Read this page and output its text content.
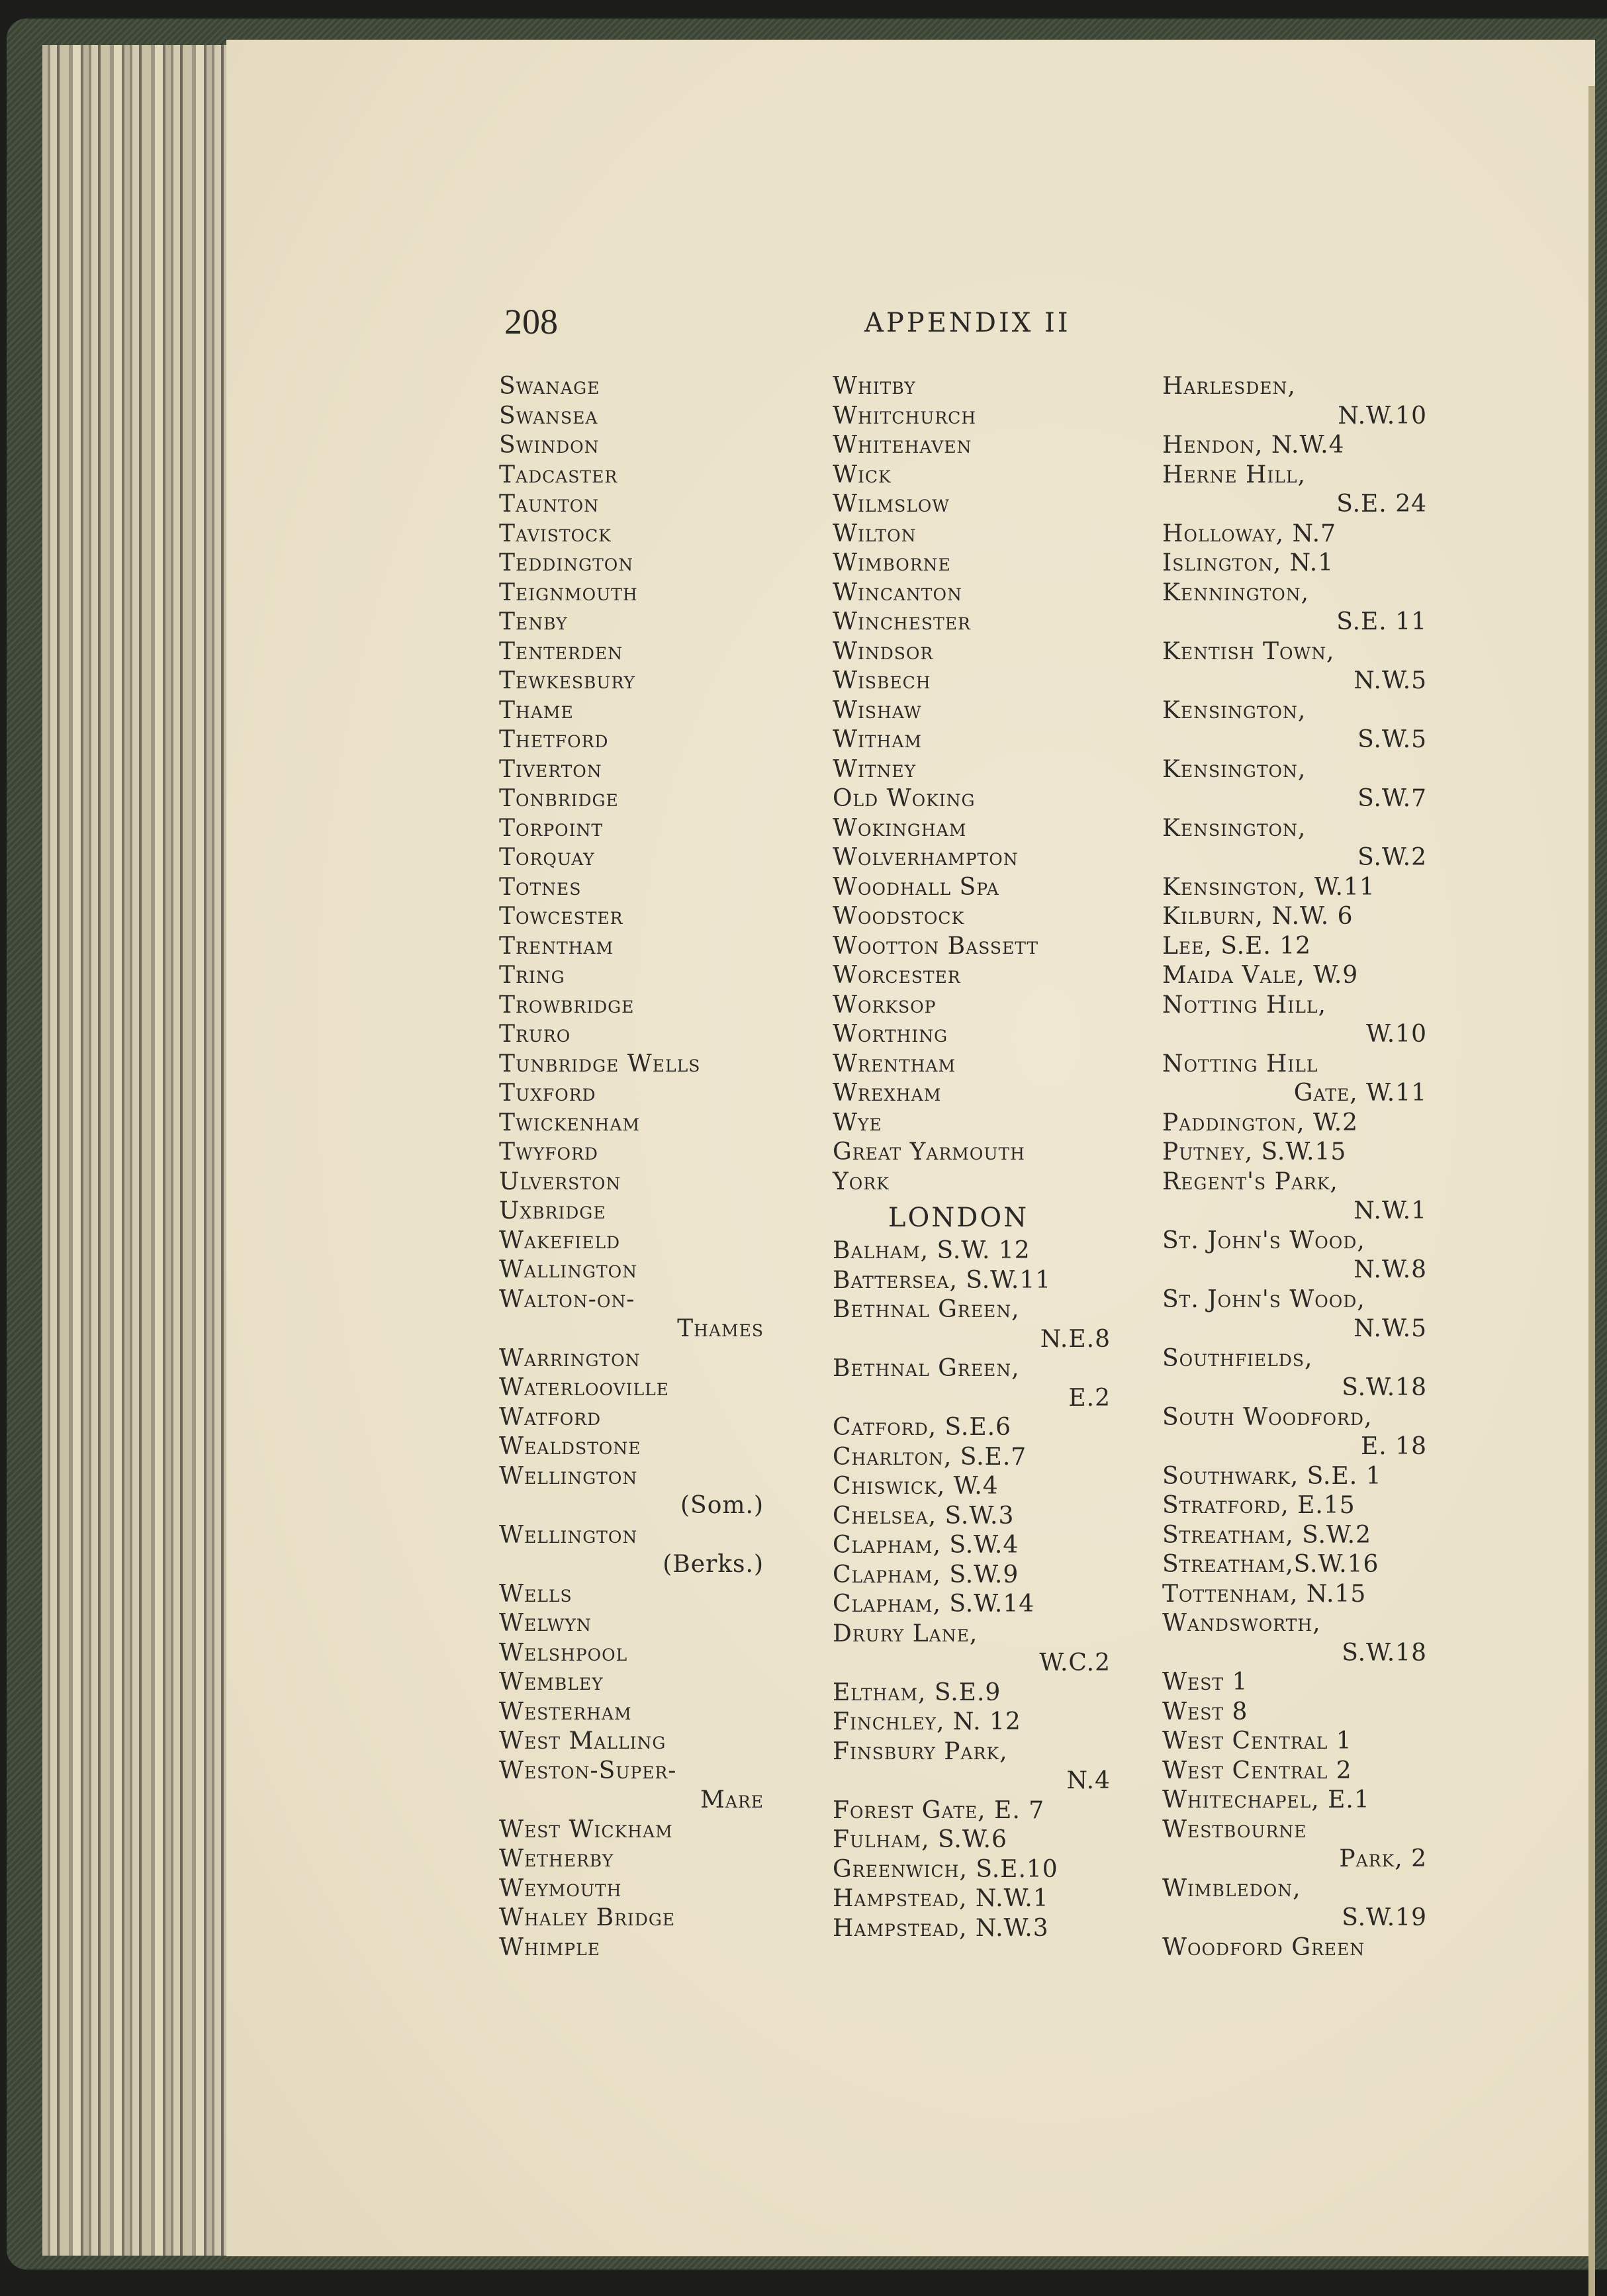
208	APPENDIX II
Swanage
Swansea
Swindon
Tadcaster
Taunton
Tavistock
Teddington
Teignmouth
Tenby
Tenterden
Tewkesbury
Thame
Thetford
Tiverton
Tonbridge
Torpoint
Torquay
Totnes
Towcester
Trentham
Tring
Trowbridge
Truro
Tunbridge Wells
Tuxford
Twickenham
Twyford
Ulverston
Uxbridge
Wakefield
Wallington
Walton-on-
Thames
Warrington
Waterlooville
Watford
Wealdstone
Wellington
(Som.)
Wellington
(Berks.)
Wells
Welwyn
Welshpool
Wembley
Westerham
West Malling
Weston-Super-
Mare
West Wickham
Wetherby
Weymouth
Whaley Bridge
Whimple
Whitby
Whitchurch
Whitehaven
Wick
Wilmslow
Wilton
Wimborne
Wincanton
Winchester
Windsor
Wisbech
Wishaw
Witham
Witney
Old Woking
Wokingham
Wolverhampton
Woodhall Spa
Woodstock
Wootton Bassett
Worcester
Worksop
Worthing
Wrentham
Wrexham
Wye
Great Yarmouth
York
LONDON
Balham, S.W. 12
Battersea, S.W.11
Bethnal Green,
N.E.8
Bethnal Green,
E.2
Catford, S.E.6
Charlton, S.E.7
Chiswick, W.4
Chelsea, S.W.3
Clapham, S.W.4
Clapham, S.W.9
Clapham, S.W.14
Drury Lane,
W.C.2
Eltham, S.E.9
Finchley, N. 12
Finsbury Park,
N.4
Forest Gate, E. 7
Fulham, S.W.6
Greenwich, S.E.10
Hampstead, N.W.1
Hampstead, N.W.3
Harlesden,
N.W.10
Hendon, N.W.4
Herne Hill,
S.E. 24
Holloway, N.7
Islington, N.1
Kennington,
S.E. 11
Kentish Town,
N.W.5
Kensington,
S.W.5
Kensington,
S.W.7
Kensington,
S.W.2
Kensington, W.11
Kilburn, N.W. 6
Lee, S.E. 12
Maida Vale, W.9
Notting Hill,
W.10
Notting Hill
Gate, W.11
Paddington, W.2
Putney, S.W.15
Regent's Park,
N.W.1
St. John's Wood,
N.W.8
St. John's Wood,
N.W.5
Southfields,
S.W.18
South Woodford,
E. 18
Southwark, S.E. 1
Stratford, E.15
Streatham, S.W.2
Streatham,S.W.16
Tottenham, N.15
Wandsworth,
S.W.18
West 1
West 8
West Central 1
West Central 2
Whitechapel, E.1
Westbourne
Park, 2
Wimbledon,
S.W.19
Woodford Green
